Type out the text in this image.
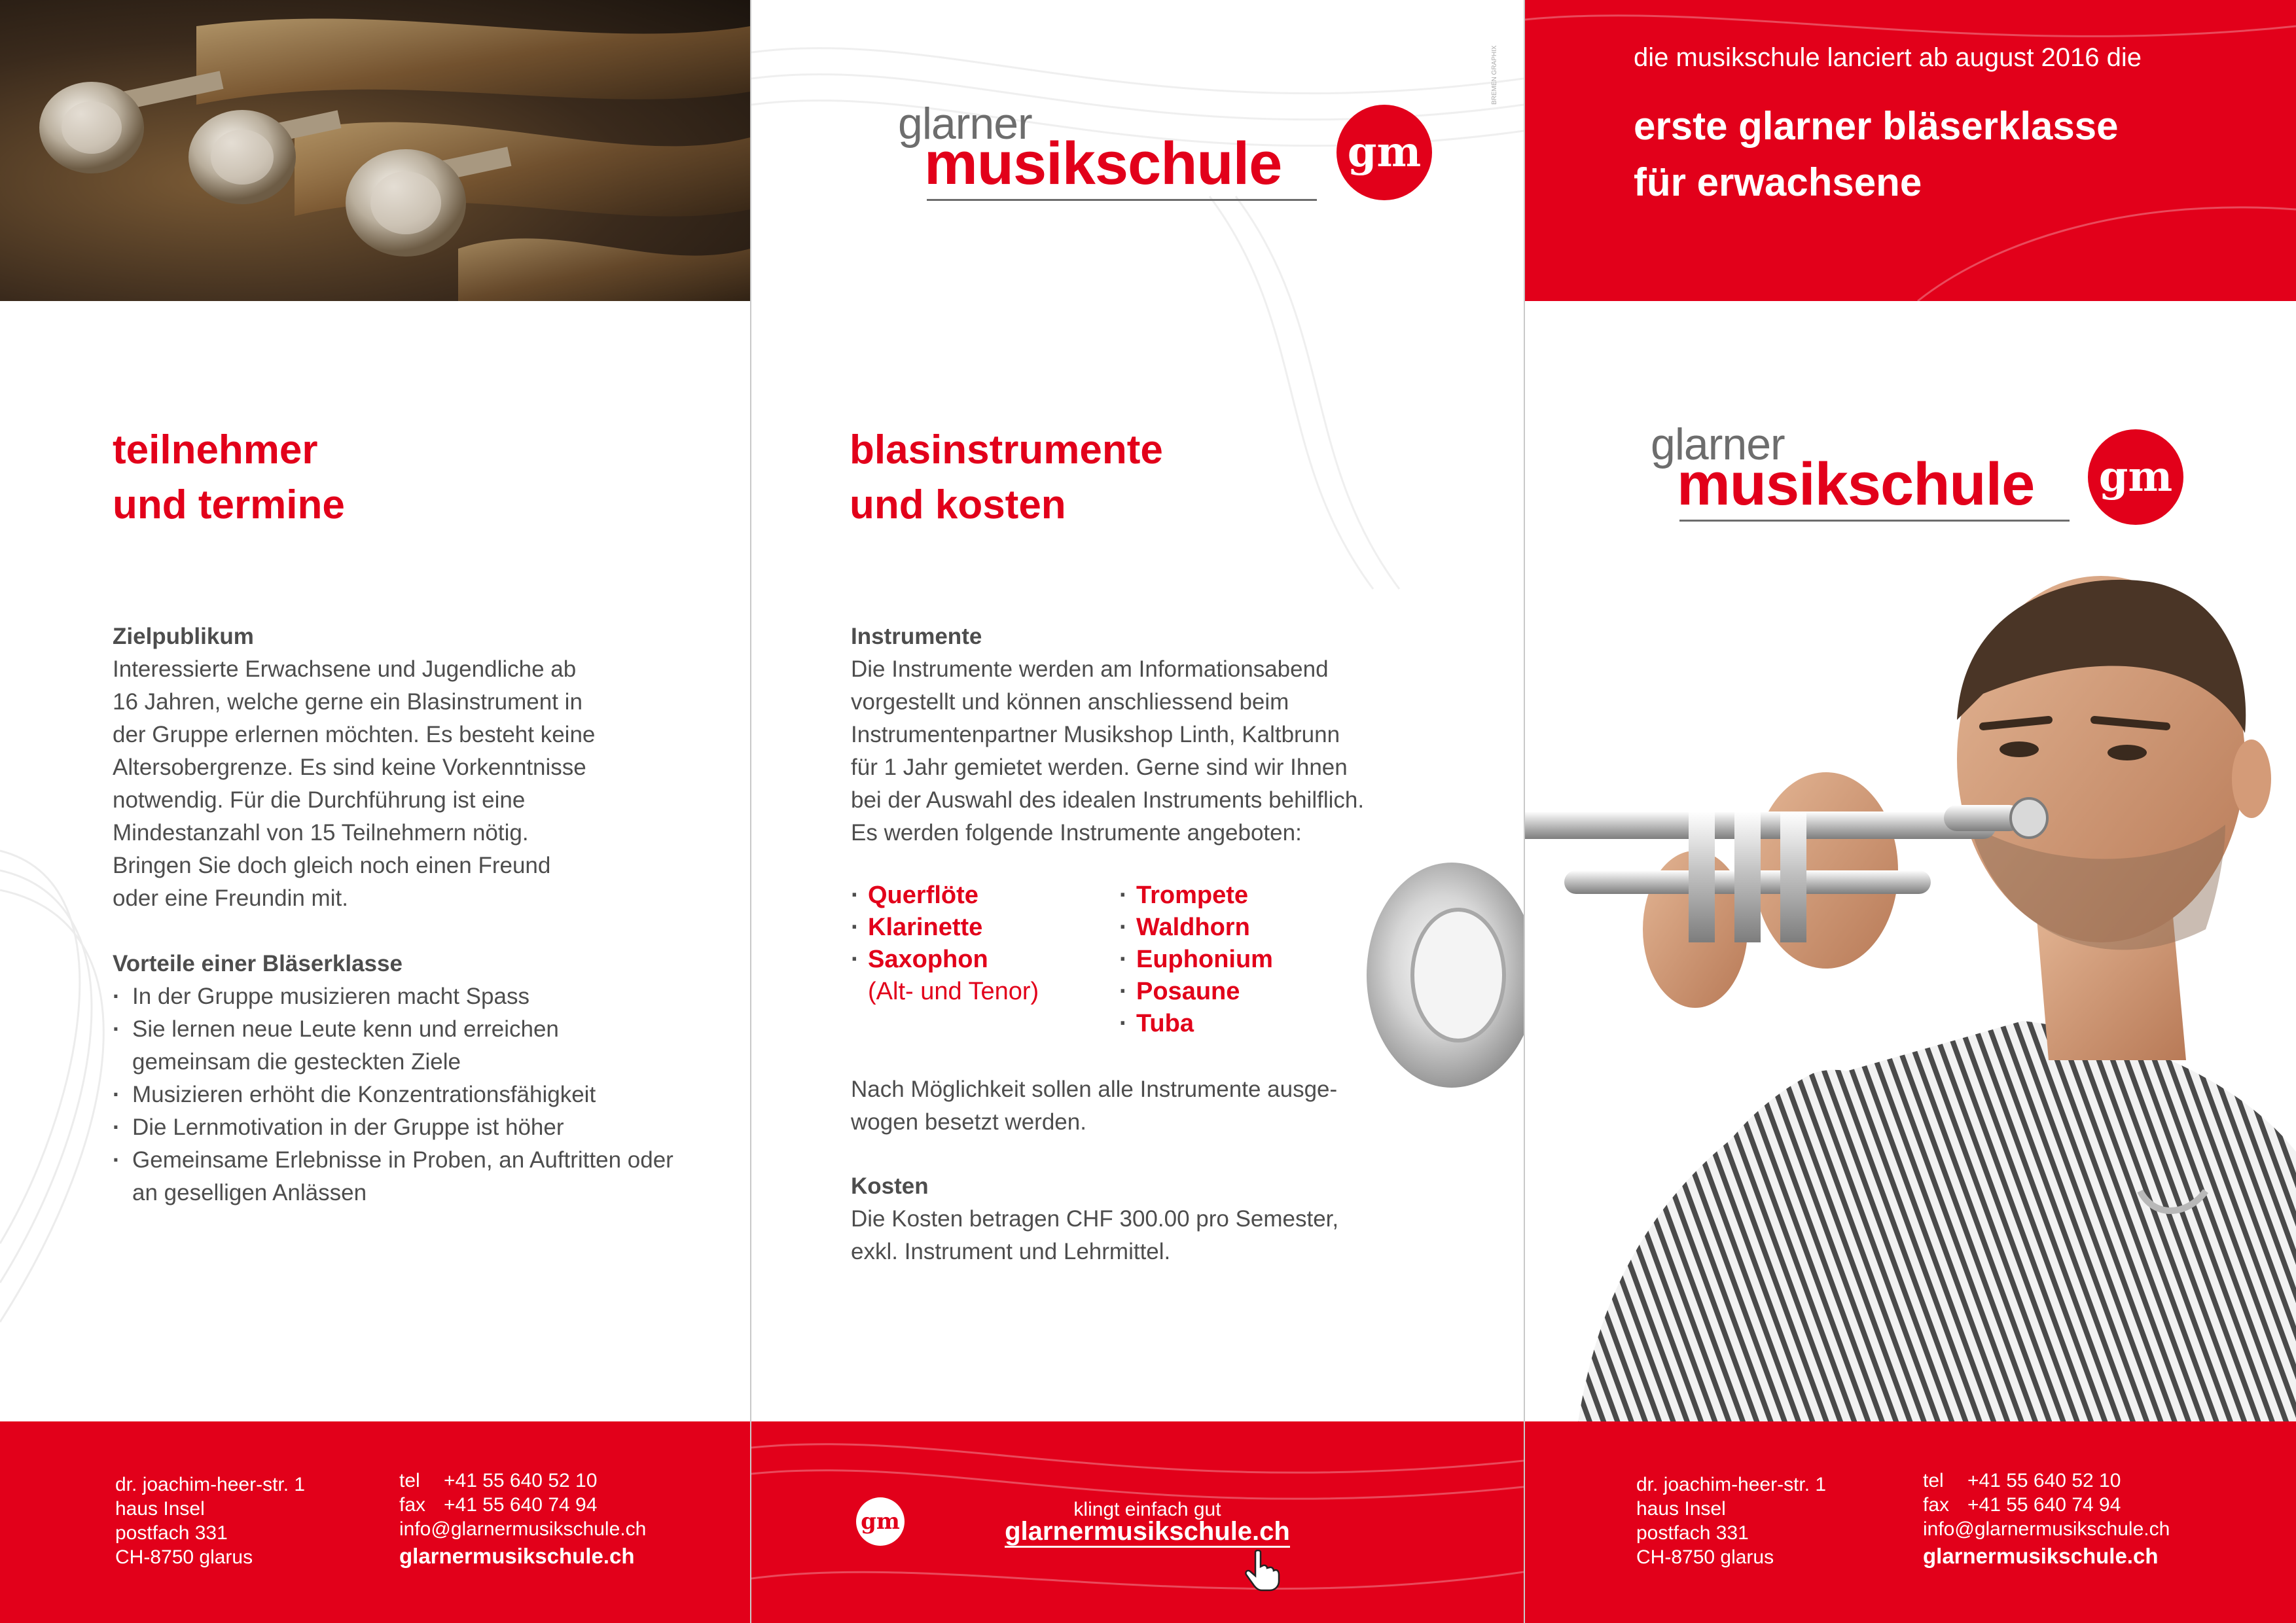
teilnehmer
und termine
Zielpublikum
Interessierte Erwachsene und Jugendliche ab
16 Jahren, welche gerne ein Blasinstrument in
der Gruppe erlernen möchten. Es besteht keine
Altersobergrenze. Es sind keine Vorkenntnisse
notwendig. Für die Durchführung ist eine
Mindestanzahl von 15 Teilnehmern nötig.
Bringen Sie doch gleich noch einen Freund
oder eine Freundin mit.
Vorteile einer Bläserklasse
· In der Gruppe musizieren macht Spass
· Sie lernen neue Leute kenn und erreichen gemeinsam die gesteckten Ziele
· Musizieren erhöht die Konzentrationsfähigkeit
· Die Lernmotivation in der Gruppe ist höher
· Gemeinsame Erlebnisse in Proben, an Auftritten oder an geselligen Anlässen
dr. joachim-heer-str. 1
haus Insel
postfach 331
CH-8750 glarus
tel +41 55 640 52 10
fax +41 55 640 74 94
info@glarnermusikschule.ch
glarnermusikschule.ch
BREMEN GRAPHIX
glarner
musikschule gm
blasinstrumente
und kosten
Instrumente
Die Instrumente werden am Informationsabend
vorgestellt und können anschliessend beim
Instrumentenpartner Musikshop Linth, Kaltbrunn
für 1 Jahr gemietet werden. Gerne sind wir Ihnen
bei der Auswahl des idealen Instruments behilflich.
Es werden folgende Instrumente angeboten:
· Querflöte
· Klarinette
· Saxophon
(Alt- und Tenor)
· Trompete
· Waldhorn
· Euphonium
· Posaune
· Tuba
Nach Möglichkeit sollen alle Instrumente ausge-
wogen besetzt werden.
Kosten
Die Kosten betragen CHF 300.00 pro Semester,
exkl. Instrument und Lehrmittel.
gm	klingt einfach gut
glarnermusikschule.ch
die musikschule lanciert ab august 2016 die
erste glarner bläserklasse
für erwachsene
glarner
musikschule gm
dr. joachim-heer-str. 1
haus Insel
postfach 331
CH-8750 glarus
tel +41 55 640 52 10
fax +41 55 640 74 94
info@glarnermusikschule.ch
glarnermusikschule.ch
